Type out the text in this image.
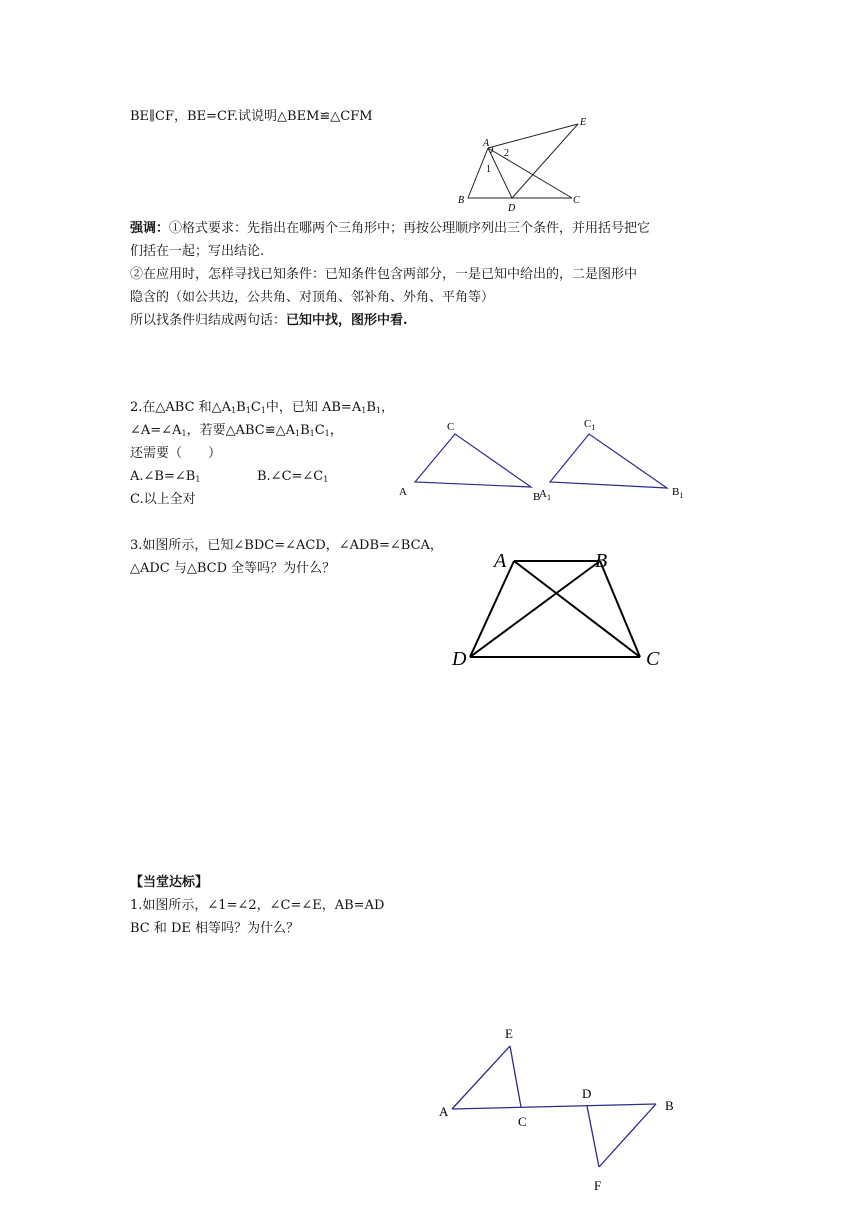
BE∥CF，BE=CF.试说明△BEM≌△CFM
A
E
B
D
C
1
2
强调：①格式要求：先指出在哪两个三角形中；再按公理顺序列出三个条件，并用括号把它
们括在一起；写出结论.
②在应用时，怎样寻找已知条件：已知条件包含两部分，一是已知中给出的，二是图形中
隐含的（如公共边，公共角、对顶角、邻补角、外角、平角等）
所以找条件归结成两句话：已知中找，图形中看.
2.在△ABC 和$\triangle A_1B_1C_1$中，已知 $AB=A_1B_1$，
$\angle A=\angle A_1$，若要$\triangle ABC≌\triangle A_1B_1C_1$，
还需要（　　）
$A.\angle B=\angle B_1$	$B.\angle C=\angle C_1$
C.以上全对
C
A	B
$C_1$
$A_1$	$B_1$
3.如图所示，已知∠BDC=∠ACD，∠ADB=∠BCA，
△ADC 与△BCD 全等吗？为什么？	A	B
D	C
【当堂达标】
1.如图所示，∠1=∠2，∠C=∠E，AB=AD
BC 和 DE 相等吗？为什么？
E
A
C
D
B
F
